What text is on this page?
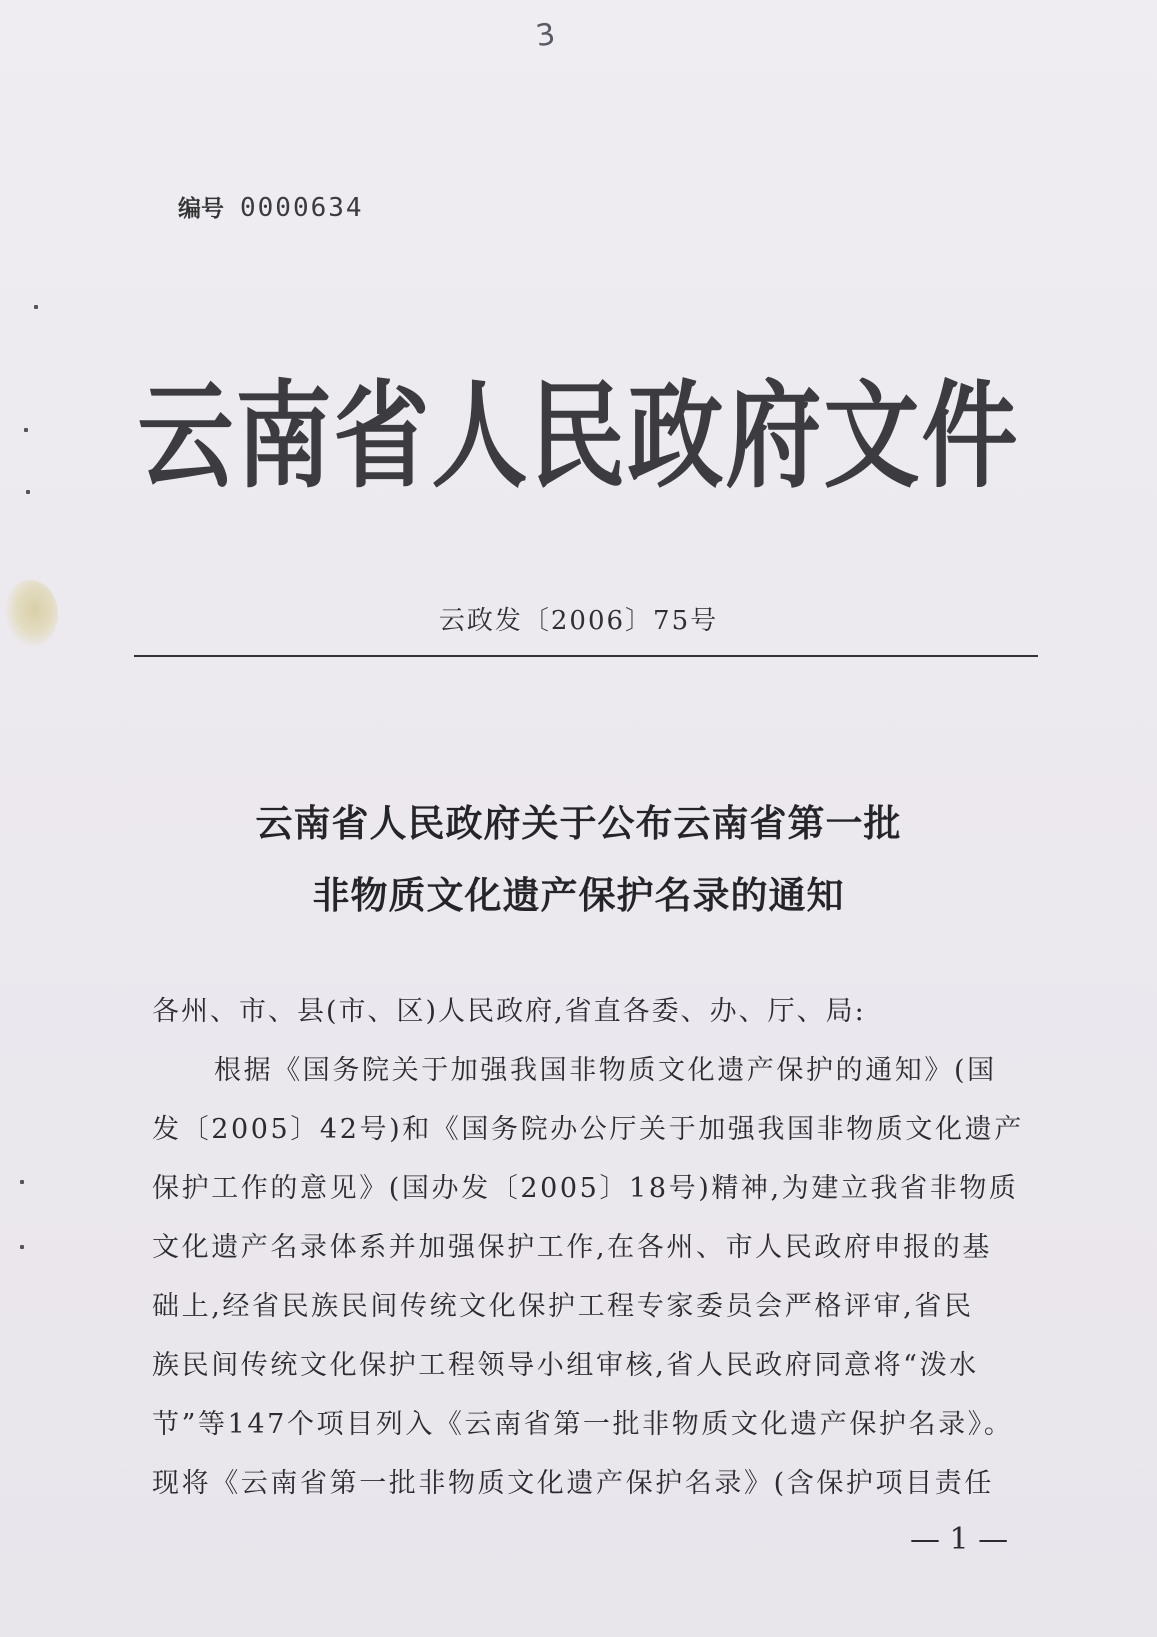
3
编号 0000634
云南省人民政府文件
云政发〔2006〕75号
云南省人民政府关于公布云南省第一批
非物质文化遗产保护名录的通知
各州、市、县(市、区)人民政府,省直各委、办、厅、局:
根据《国务院关于加强我国非物质文化遗产保护的通知》(国
发〔2005〕42号)和《国务院办公厅关于加强我国非物质文化遗产
保护工作的意见》(国办发〔2005〕18号)精神,为建立我省非物质
文化遗产名录体系并加强保护工作,在各州、市人民政府申报的基
础上,经省民族民间传统文化保护工程专家委员会严格评审,省民
族民间传统文化保护工程领导小组审核,省人民政府同意将“泼水
节”等147个项目列入《云南省第一批非物质文化遗产保护名录》。
现将《云南省第一批非物质文化遗产保护名录》(含保护项目责任
— 1 —
